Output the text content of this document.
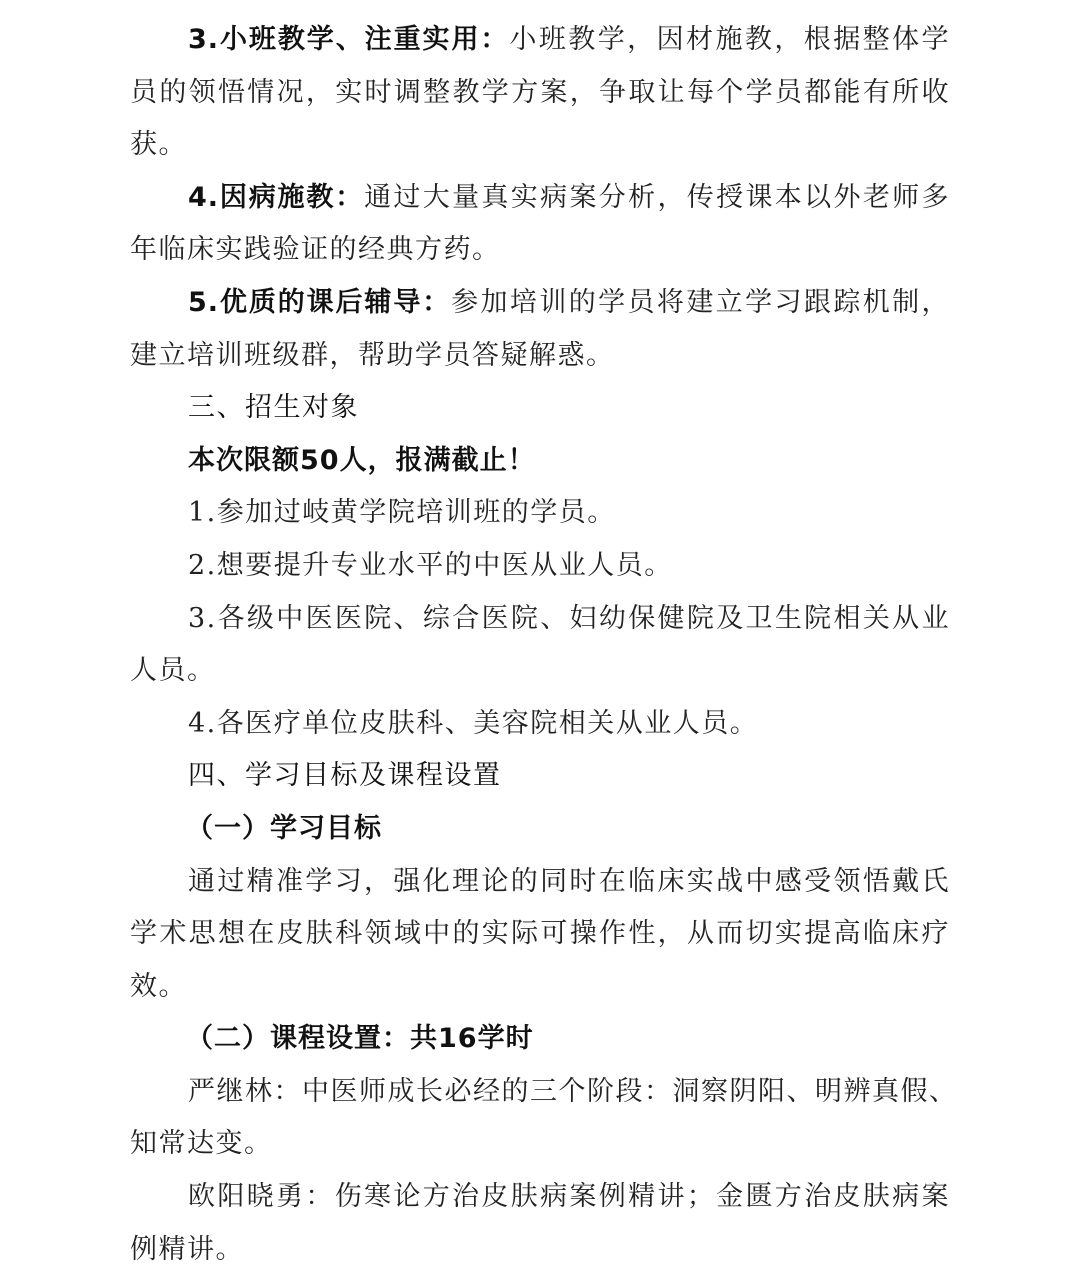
3.小班教学、注重实用：小班教学，因材施教，根据整体学
员的领悟情况，实时调整教学方案，争取让每个学员都能有所收
获。
4.因病施教：通过大量真实病案分析，传授课本以外老师多
年临床实践验证的经典方药。
5.优质的课后辅导：参加培训的学员将建立学习跟踪机制，
建立培训班级群，帮助学员答疑解惑。
三、招生对象
本次限额50人，报满截止！
1.参加过岐黄学院培训班的学员。
2.想要提升专业水平的中医从业人员。
3.各级中医医院、综合医院、妇幼保健院及卫生院相关从业
人员。
4.各医疗单位皮肤科、美容院相关从业人员。
四、学习目标及课程设置
（一）学习目标
通过精准学习，强化理论的同时在临床实战中感受领悟戴氏
学术思想在皮肤科领域中的实际可操作性，从而切实提高临床疗
效。
（二）课程设置：共16学时
严继林：中医师成长必经的三个阶段：洞察阴阳、明辨真假、
知常达变。
欧阳晓勇：伤寒论方治皮肤病案例精讲；金匮方治皮肤病案
例精讲。
